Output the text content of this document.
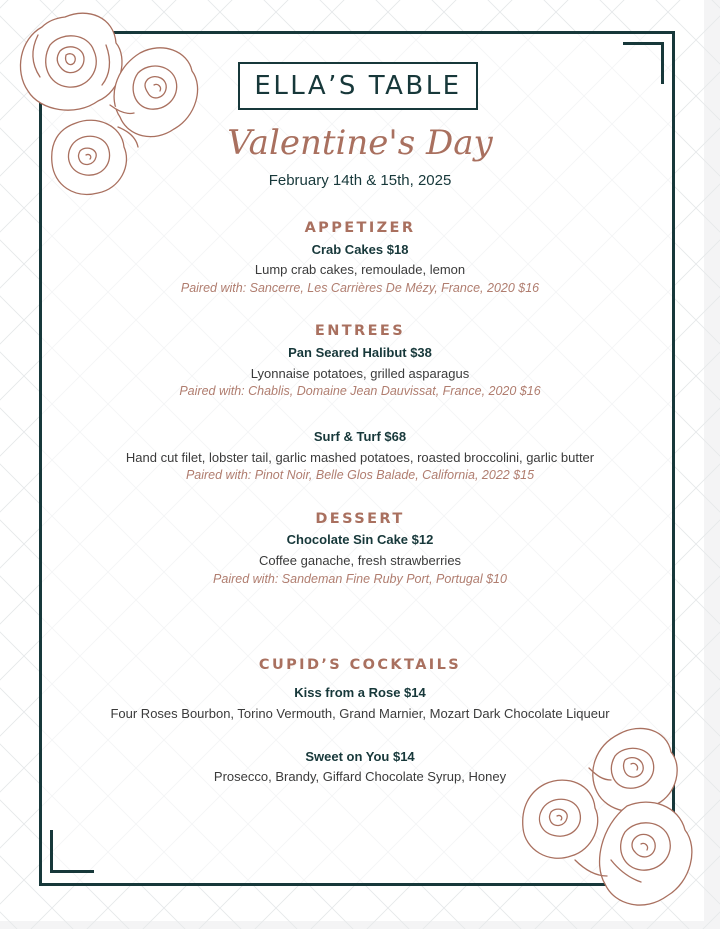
ELLA’S TABLE
Valentine's Day
February 14th & 15th, 2025
APPETIZER
Crab Cakes $18
Lump crab cakes, remoulade, lemon
Paired with: Sancerre, Les Carrières De Mézy, France, 2020 $16
ENTREES
Pan Seared Halibut $38
Lyonnaise potatoes, grilled asparagus
Paired with: Chablis, Domaine Jean Dauvissat, France, 2020 $16
Surf & Turf $68
Hand cut filet, lobster tail, garlic mashed potatoes, roasted broccolini, garlic butter
Paired with: Pinot Noir, Belle Glos Balade, California, 2022 $15
DESSERT
Chocolate Sin Cake $12
Coffee ganache, fresh strawberries
Paired with: Sandeman Fine Ruby Port, Portugal $10
CUPID’S COCKTAILS
Kiss from a Rose $14
Four Roses Bourbon, Torino Vermouth, Grand Marnier, Mozart Dark Chocolate Liqueur
Sweet on You $14
Prosecco, Brandy, Giffard Chocolate Syrup, Honey
